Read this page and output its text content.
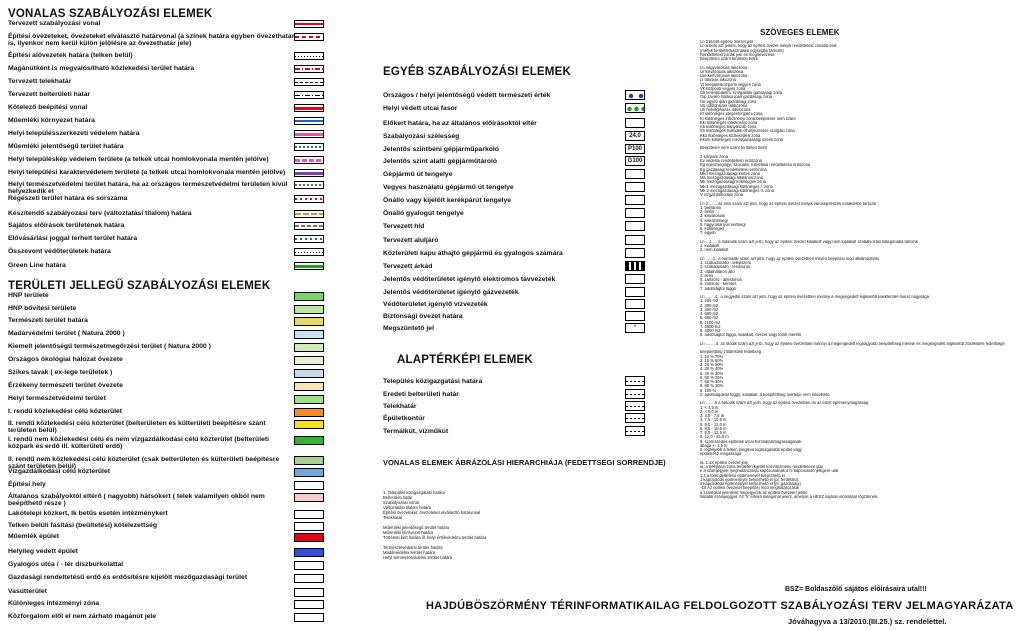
VONALAS SZABÁLYOZÁSI ELEMEK
TERÜLETI JELLEGŰ SZABÁLYOZÁSI ELEMEK
Tervezett szabályozási vonal
Építési övezeteket, övezeteket elválasztó határvonal (a színek határa egyben övezethatár is, ilyenkor nem kerül külön jelölésre az övezethatár jele)
Építési alövezetek határa (telken belül)
Magánútként is megvalósítható közlekedési terület határa
Tervezett telekhatár
Tervezett belterületi határ
Kötelező beépítési vonal
Műemléki környezet határa
Helyi településszerkezeti védelem határa
Műemléki jelentőségű terület határa
Helyi településkép védelem területe (a telkek utcai homlokvonala mentén jelölve)
Helyi települési karaktervédelem területe (a telkek utcai homlokvonala mentén jelölve)
Helyi természetvédelmi terület határa, ha az országos természetvédelmi területen kívül helyezkedik el
Régészeti terület határa és sorszáma
Készítendő szabályozási terv (változtatási tilalom) határa
Sajátos előírások területének határa
Elővásárlási joggal terhelt terület határa
Összevont védőterületek határa
Green Line határa
HNP területe
HNP bővítési területe
Természeti terület határa
Madárvédelmi terület ( Natura 2000 )
Kiemelt jelentőségű természetmegőrzési terület ( Natura 2000 )
Országos ökológiai hálózat övezete
Szikes tavak ( ex-lege területek )
Érzékeny természeti terület övezete
Helyi természetvédelmi terület
I. rendű közlekedési célú közterület
II. rendű közlekedési célú közterület (belterületen és külterületi beépítésre szánt területen belül)
I. rendű nem közlekedési célú és nem vízgazdálkodási célú közterület (belterületi közpark és erdő ill. külterületi erdő)
II. rendű nem közlekedési célú közterület (csak belterületen és külterületi beépítésre szánt területen belül)
Vízgazdálkodási célú közterület
Építési hely
Általános szabályoktól eltérő ( nagyobb) hátsókert ( telek valamilyen okból nem beépíthető része )
Lakótelepi közkert, lk betűs esetén intézménykert
Telken belüli fásítási (beültetési) kötelezettség
Műemlék épület
Helyileg védett épület
Gyalogos utca / - tér díszburkolattal
Gazdasági rendeltetésű erdő és erdősítésre kijelölt mezőgazdasági terület
Vasútterület
Különleges intézményi zóna
Közforgalom elől el nem zárható magánút jele
EGYÉB SZABÁLYOZÁSI ELEMEK
ALAPTÉRKÉPI ELEMEK
VONALAS ELEMEK ÁBRÁZOLÁSI HIERARCHIÁJA (FEDETTSÉGI SORRENDJE)
1. Település közigazgatási határa
Belterületi határ
Szabályozási vonal
Változtatási tilalom határa
Építési övezeteket, övezeteket elválasztó határvonal
Telekhatár

Műemléki jelentőségű terület határa
Műemléki környezet határa
Történeti kert határa ill. helyi értékvédelmi terület határa

Természetvédelmi terület határa
Madárvédelmi terület határa
Helyi természetvédelmi terület határa
Országos / helyi jelentőségű védett természeti érték
Helyi védett utcai fasor
Előkert határa, ha az általános előírásoktól eltér
Szabályozási szélesség	24,0
Jelentős szintbeni gépjárműparkoló	P100
Jelentős szint alatti gépjárműtároló	G100
Gépjármű út tengelye
Vegyes használatú gépjármű út tengelye
Önálló vagy kijelölt kerékpárút tengelye
Önálló gyalogút tengelye
Tervezett híd
Tervezett aluljáró
Közterületi kapu áthajtó gépjármű és gyalogos számára
Tervezett árkád
Jelentős védőterületet igénylő elektromos távvezeték
Jelentős védőterületet igénylő gázvezeték
Védőterületet igénylő vízvezeték
Biztonsági övezet határa
Megszüntető jel	*
Település közigazgatási határa
Eredeti belterületi határ
Telekhatár
Épületkontúr
Termálkút, vízműkút
SZÖVEGES ELEMEK
Ln 216446 építési övezet jele
Ln a betű azt jelenti, hogy az építési övezet melyik rendeltetési zónába esik
(melyik területfelhasználási egységbe tartozik)
Rendeltetési zónák jele és megnevezése:
Beépítésre szánt területen belül

Ln nagyvárosias lakózóna
Lk kisvárosias lakózóna
Lke kertvárosias lakózóna
Lf falusias lakózóna
Vt településközponti vegyes zóna
Vk központi vegyes zóna
Gk kereskedelmi, szolgáltató gazdasági zóna
Gip zavaró hatású ipari gazdasági zóna
Ge egyéb ipari gazdasági zóna
Üü üdülőházas üdülőzóna
Üh hétvégiházas üdülőzóna
Kf különleges idegenforgalmi zóna
Ki különleges intézményi zóna beépítésre nem szánt
Kki különleges intézményi zóna
Kb különleges bányászati zóna
Kh különleges hulladék elhelyezésére szolgáló zóna
Kko különleges közlekedési zóna
Kkom különleges mezőgazdasági üzemi zóna

Beépítésre nem szánt területen belül

Z közpark zóna
Ev védelmi rendeltetésű erdőzóna
Eg egészségügyi, szociális, turisztikai rendeltetésű erdőzóna
Eg gazdasági rendeltetésű erdőzóna
Mko mezőgazdasági kertes zóna
Má mezőgazdasági általános zóna
Mk mezőgazdasági különleges zóna
Mk 1 mezőgazdasági különleges I. zóna
Mk 2 mezőgazdasági különleges II. zóna
V vízgazdálkodási zóna

Ln 2........ az első szám azt jelzi, hogy az építési övezet melyik városépítészeti karakterbe tartozik
1. belvárosi
2. belső
3. kisvárosias
4. kisközösségi
5. hagyományos kertségi
6. különleges
7. egyéb

Ln ...1..... a második szám azt jelzi, hogy az építési övezet kialakult vagy nem kialakult szabályozási kategóriába tartozik
1. kialakult
2. nem kialakult

Ln ......3.. a harmadik szám azt jelzi, hogy az építési övezetben milyen beépítési mód alkalmazható
1. szabadonálló - telepszerű
2. szabadonálló - fésűsoros
3. oldalhatáron álló
4. ikres
5. zártsorú - átfesfonos
6. zártsorú - keretes
7. adottságtól függő

Ln ........4.. a negyedik szám azt jelzi, hogy az építési övezetben mennyi a megengedett legkisebb telekterület-méret nagysága
1. 200 m2
2. 300 m2
3. 400 m2
4. 600 m2
5. 800 m2
6. 1100 m2
7. 2500 m2
8. 4000 m2
9. adottságtól függő, kialakult, övezet vagy tömb mérető

Ln .........4. az ötödik szám azt jelzi, hogy az építési övezetben mennyi a megengedett legnagyobb beépítettség mérete és megengedett legkisebb zöldfelületi fedettsége

beépítettség zöldfelületi fedettség
1. 10 % 70%
2. 15 % 60%
3. 20 % 50%
4. 30 % 40%
5. 40 % 30%
6. 50 % 25%
7. 60 % 15%
8. 80 % 10%
9. 100 % -
0. adottságoktól függő, kialakult, a beépítettség mértéke nem növelhető

Ln ........6 a hatodik szám azt jelzi, hogy az építési övezetben mi az előírt építménymagasság
1. < 4,5 m
2. < 6,0 m
3. 4,5 - 7,5 m
4. 7,5 - 10,5 m
5. 9,0 - 12,0 m
6. 8,5 - 10,5 m
7. 9,0 - 12,5 m
8. 12,0 - 16,0 m
9. szomszédos épületek utcai homlokzatmagasságának
átlaga +- 1,5 m
0. legfeljebb a telken meglévő legmagasabb épület vagy
épületrész magassága

eL 1.4X építési övezet jele
eL a beépítési zóna területén kijelölt közintézmény rendeltetése utal
e a számjegyek meghatározásai kapcsolódnak a II. kapcsolódó jelegére utal
1.4 a főrendeltetésű építménnyel helyezhető el
1 kapcsolódó építménnyel helyezhető el (pl. ferdefalú)
2 kapcsolódó építménnyel helyezhető el (pl. gazdasági)
-4X Az építési övezetet beépítési mód meghatározásai
a számokat jelentése megegyezik az építési övezetet jelölő
hatodik számjeggyel. Az 'X' értékű kategórial jelent, amelyre a HÉSZ sajátos előírással rögzítenek.
BSZ= Boldaszőlő sajátos előírásaira utal!!!
HAJDÚBÖSZÖRMÉNY TÉRINFORMATIKAILAG FELDOLGOZOTT SZABÁLYOZÁSI TERV JELMAGYARÁZATA
Jóváhagyva a 13/2010.(III.25.) sz. rendelettel.
